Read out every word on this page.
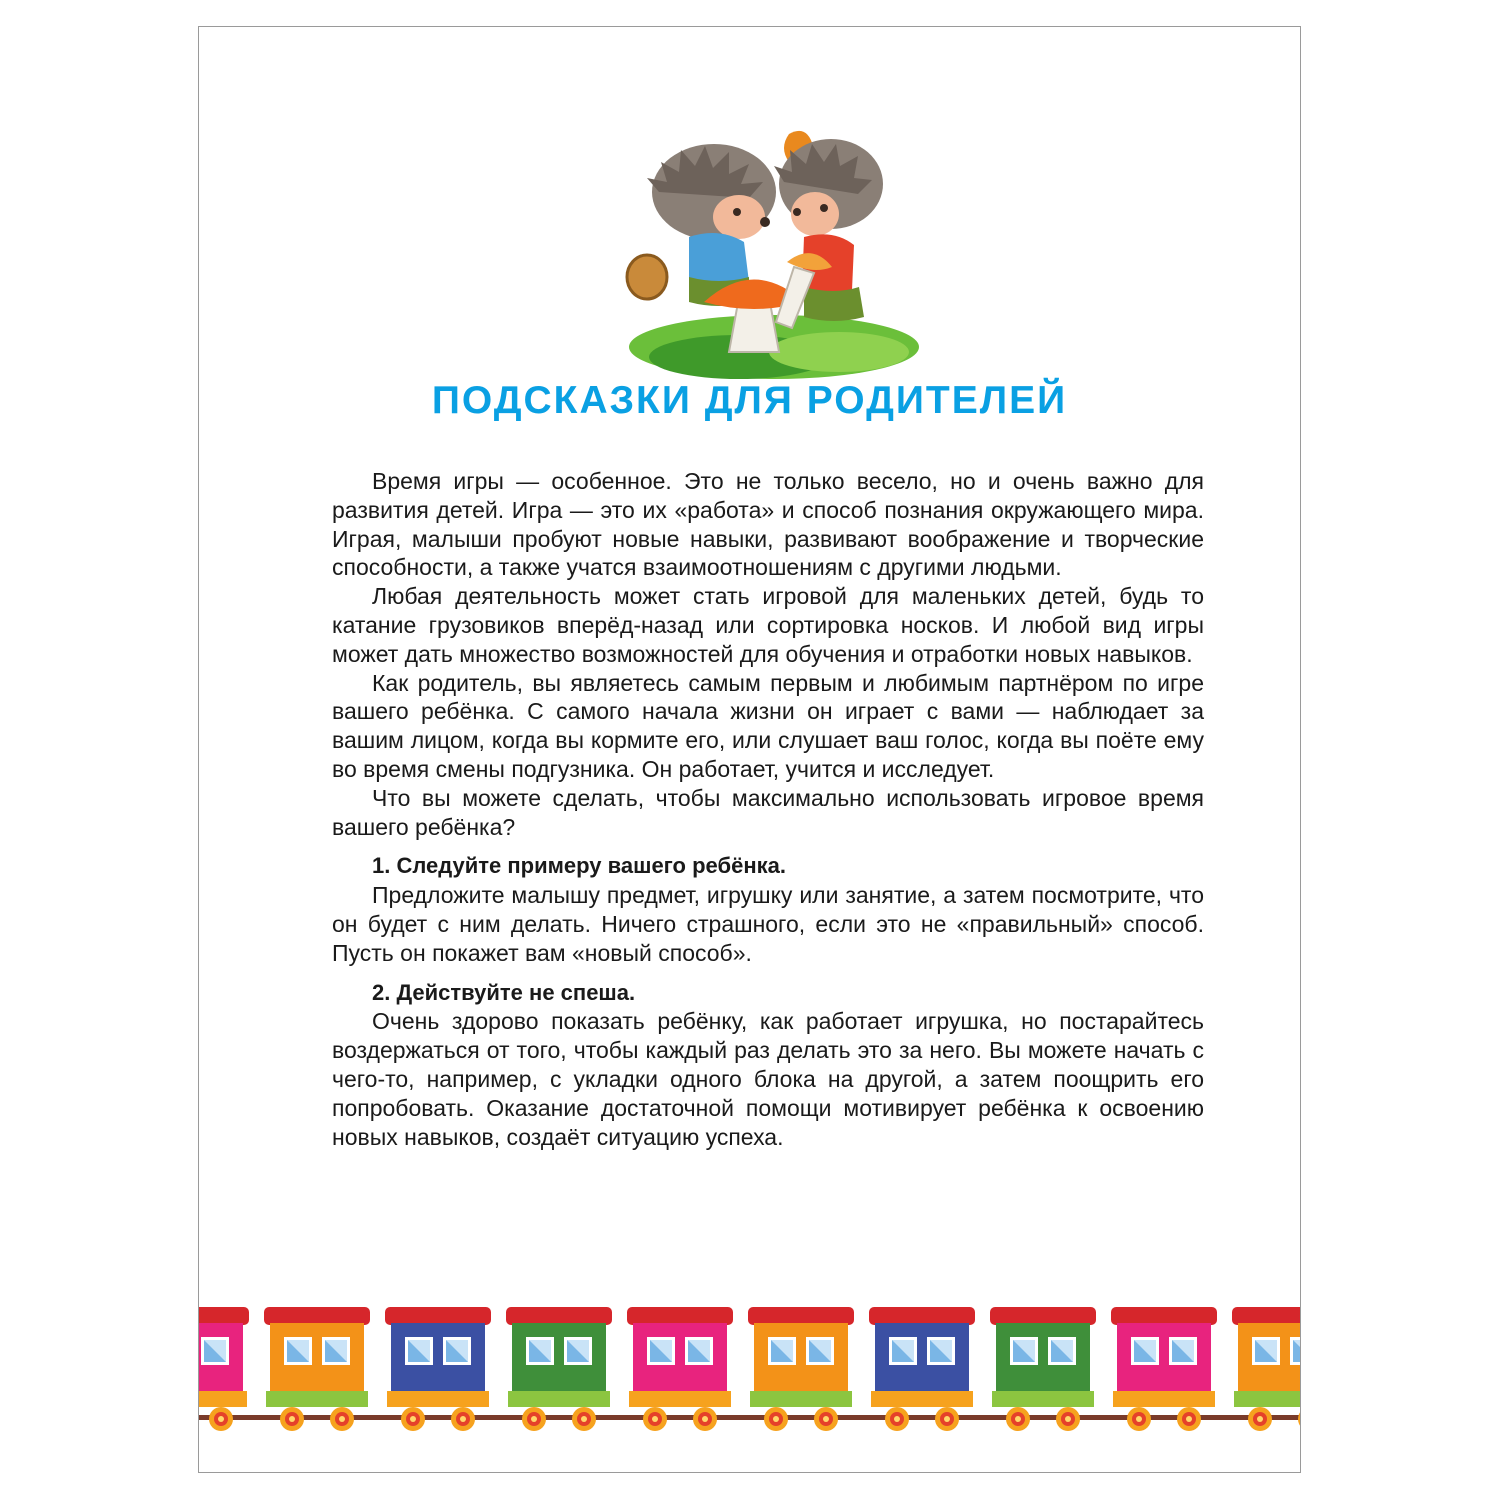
ПОДСКАЗКИ ДЛЯ РОДИТЕЛЕЙ

Время игры — особенное. Это не только весело, но и очень важно для развития детей. Игра — это их «работа» и способ познания окружающего мира. Играя, малыши пробуют новые навыки, развивают воображение и творческие способности, а также учатся взаимоотношениям с другими людьми.

Любая деятельность может стать игровой для маленьких детей, будь то катание грузовиков вперёд-назад или сортировка носков. И любой вид игры может дать множество возможностей для обучения и отработки новых навыков.

Как родитель, вы являетесь самым первым и любимым партнёром по игре вашего ребёнка. С самого начала жизни он играет с вами — наблюдает за вашим лицом, когда вы кормите его, или слушает ваш голос, когда вы поёте ему во время смены подгузника. Он работает, учится и исследует.

Что вы можете сделать, чтобы максимально использовать игровое время вашего ребёнка?

1. Следуйте примеру вашего ребёнка.

Предложите малышу предмет, игрушку или занятие, а затем посмотрите, что он будет с ним делать. Ничего страшного, если это не «правильный» способ. Пусть он покажет вам «новый способ».

2. Действуйте не спеша.

Очень здорово показать ребёнку, как работает игрушка, но постарайтесь воздержаться от того, чтобы каждый раз делать это за него. Вы можете начать с чего-то, например, с укладки одного блока на другой, а затем поощрить его попробовать. Оказание достаточной помощи мотивирует ребёнка к освоению новых навыков, создаёт ситуацию успеха.
